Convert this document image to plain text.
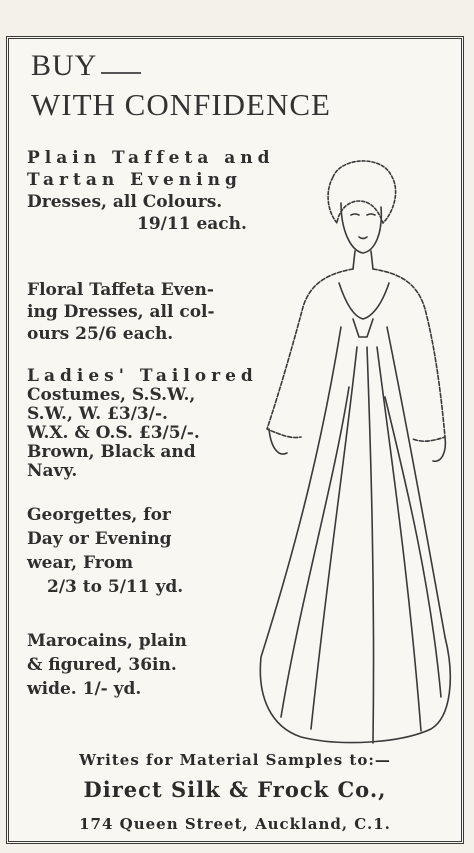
BUY
WITH CONFIDENCE

Plain Taffeta and

Tartan Evening

Dresses, all Colours.

19/11 each.

Floral Taffeta Even-

ing Dresses, all col-

ours 25/6 each.

Ladies' Tailored

Costumes, S.S.W.,

S.W., W. £3/3/-.

W.X. & O.S. £3/5/-.

Brown, Black and

Navy.

Georgettes, for

Day or Evening

wear, From

2/3 to 5/11 yd.

Marocains, plain

& figured, 36in.

wide. 1/- yd.

Writes for Material Samples to:—
Direct Silk & Frock Co.,
174 Queen Street, Auckland, C.1.
